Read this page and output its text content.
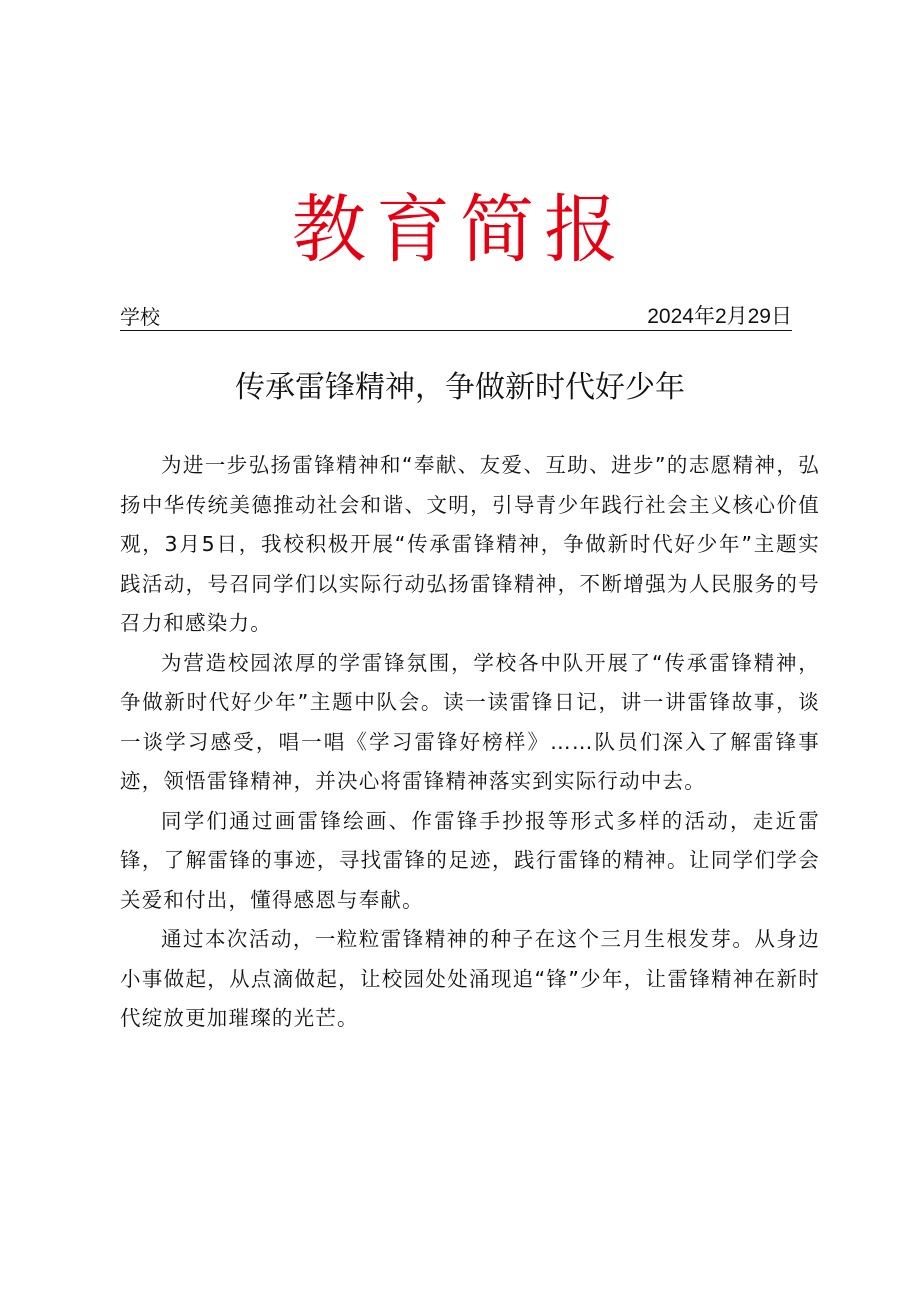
教育简报
学校	2024年2月29日
传承雷锋精神，争做新时代好少年

为进一步弘扬雷锋精神和“奉献、友爱、互助、进步”的志愿精神，弘扬中华传统美德推动社会和谐、文明，引导青少年践行社会主义核心价值观，3月5日，我校积极开展“传承雷锋精神，争做新时代好少年”主题实践活动，号召同学们以实际行动弘扬雷锋精神，不断增强为人民服务的号召力和感染力。

为营造校园浓厚的学雷锋氛围，学校各中队开展了“传承雷锋精神，争做新时代好少年”主题中队会。读一读雷锋日记，讲一讲雷锋故事，谈一谈学习感受，唱一唱《学习雷锋好榜样》……队员们深入了解雷锋事迹，领悟雷锋精神，并决心将雷锋精神落实到实际行动中去。

同学们通过画雷锋绘画、作雷锋手抄报等形式多样的活动，走近雷锋，了解雷锋的事迹，寻找雷锋的足迹，践行雷锋的精神。让同学们学会关爱和付出，懂得感恩与奉献。

通过本次活动，一粒粒雷锋精神的种子在这个三月生根发芽。从身边小事做起，从点滴做起，让校园处处涌现追“锋”少年，让雷锋精神在新时代绽放更加璀璨的光芒。
